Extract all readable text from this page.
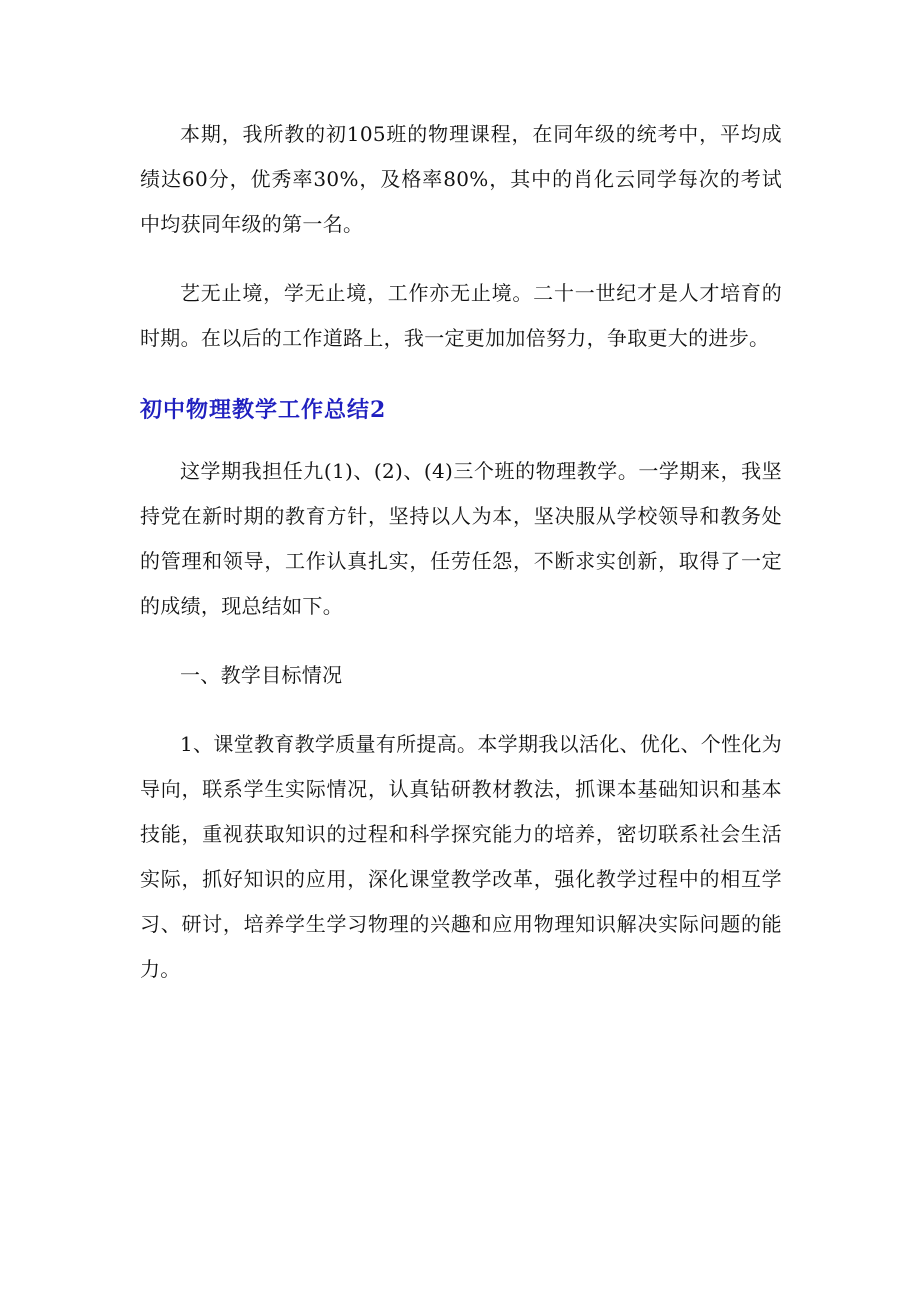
本期，我所教的初105班的物理课程，在同年级的统考中，平均成绩达60分，优秀率30%，及格率80%，其中的肖化云同学每次的考试中均获同年级的第一名。

艺无止境，学无止境，工作亦无止境。二十一世纪才是人才培育的时期。在以后的工作道路上，我一定更加加倍努力，争取更大的进步。

初中物理教学工作总结2

这学期我担任九(1)、(2)、(4)三个班的物理教学。一学期来，我坚持党在新时期的教育方针，坚持以人为本，坚决服从学校领导和教务处的管理和领导，工作认真扎实，任劳任怨，不断求实创新，取得了一定的成绩，现总结如下。

一、教学目标情况

1、课堂教育教学质量有所提高。本学期我以活化、优化、个性化为导向，联系学生实际情况，认真钻研教材教法，抓课本基础知识和基本技能，重视获取知识的过程和科学探究能力的培养，密切联系社会生活实际，抓好知识的应用，深化课堂教学改革，强化教学过程中的相互学习、研讨，培养学生学习物理的兴趣和应用物理知识解决实际问题的能力。
